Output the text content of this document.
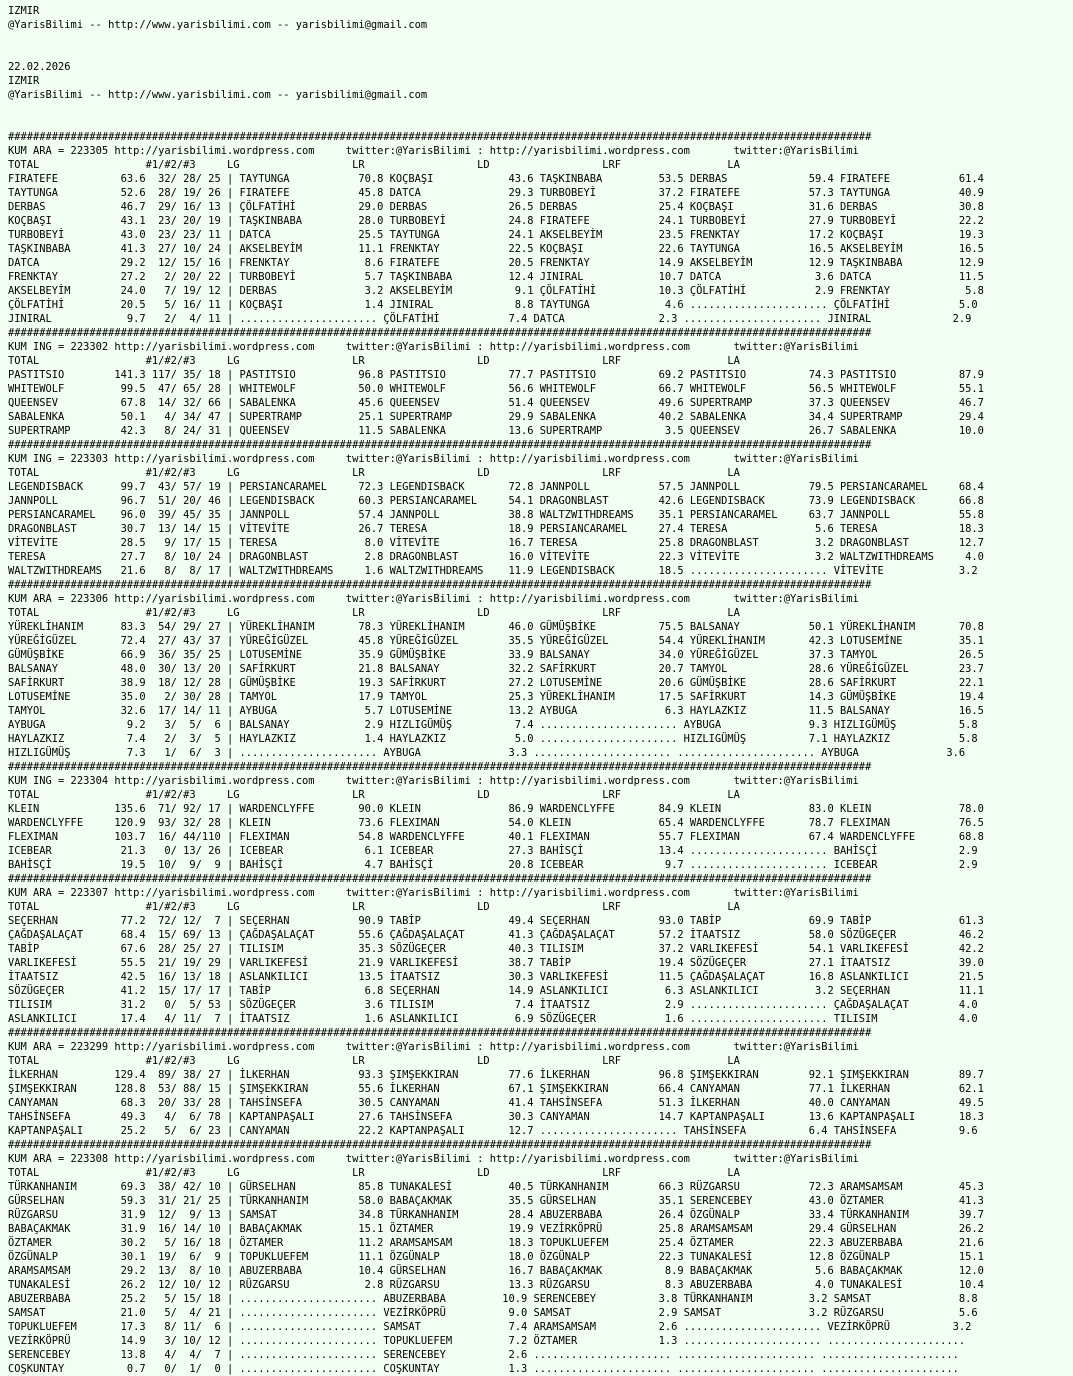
IZMIR
@YarisBilimi -- http://www.yarisbilimi.com -- yarisbilimi@gmail.com

22.02.2026
IZMIR
@YarisBilimi -- http://www.yarisbilimi.com -- yarisbilimi@gmail.com

##########################################################################################################################################
KUM ARA = 223305 http://yarisbilimi.wordpress.com     twitter:@YarisBilimi : http://yarisbilimi.wordpress.com       twitter:@YarisBilimi
TOTAL                 #1/#2/#3     LG                  LR                  LD                  LRF                 LA
FIRATEFE          63.6  32/ 28/ 25 | TAYTUNGA           70.8 KOÇBAŞI            43.6 TAŞKINBABA         53.5 DERBAS             59.4 FIRATEFE           61.4
TAYTUNGA          52.6  28/ 19/ 26 | FIRATEFE           45.8 DATCA              29.3 TURBOBEYİ          37.2 FIRATEFE           57.3 TAYTUNGA           40.9
DERBAS            46.7  29/ 16/ 13 | ÇÖLFATİHİ          29.0 DERBAS             26.5 DERBAS             25.4 KOÇBAŞI            31.6 DERBAS             30.8
KOÇBAŞI           43.1  23/ 20/ 19 | TAŞKINBABA         28.0 TURBOBEYİ          24.8 FIRATEFE           24.1 TURBOBEYİ          27.9 TURBOBEYİ          22.2
TURBOBEYİ         43.0  23/ 23/ 11 | DATCA              25.5 TAYTUNGA           24.1 AKSELBEYİM         23.5 FRENKTAY           17.2 KOÇBAŞI            19.3
TAŞKINBABA        41.3  27/ 10/ 24 | AKSELBEYİM         11.1 FRENKTAY           22.5 KOÇBAŞI            22.6 TAYTUNGA           16.5 AKSELBEYİM         16.5
DATCA             29.2  12/ 15/ 16 | FRENKTAY            8.6 FIRATEFE           20.5 FRENKTAY           14.9 AKSELBEYİM         12.9 TAŞKINBABA         12.9
FRENKTAY          27.2   2/ 20/ 22 | TURBOBEYİ           5.7 TAŞKINBABA         12.4 JINIRAL            10.7 DATCA               3.6 DATCA              11.5
AKSELBEYİM        24.0   7/ 19/ 12 | DERBAS              3.2 AKSELBEYİM          9.1 ÇÖLFATİHİ          10.3 ÇÖLFATİHİ           2.9 FRENKTAY            5.8
ÇÖLFATİHİ         20.5   5/ 16/ 11 | KOÇBAŞI             1.4 JINIRAL             8.8 TAYTUNGA            4.6 ...................... ÇÖLFATİHİ           5.0
JINIRAL            9.7   2/  4/ 11 | ...................... ÇÖLFATİHİ           7.4 DATCA               2.3 ...................... JINIRAL             2.9
##########################################################################################################################################
KUM ING = 223302 http://yarisbilimi.wordpress.com     twitter:@YarisBilimi : http://yarisbilimi.wordpress.com       twitter:@YarisBilimi
TOTAL                 #1/#2/#3     LG                  LR                  LD                  LRF                 LA
PASTITSIO        141.3 117/ 35/ 18 | PASTITSIO          96.8 PASTITSIO          77.7 PASTITSIO          69.2 PASTITSIO          74.3 PASTITSIO          87.9
WHITEWOLF         99.5  47/ 65/ 28 | WHITEWOLF          50.0 WHITEWOLF          56.6 WHITEWOLF          66.7 WHITEWOLF          56.5 WHITEWOLF          55.1
QUEENSEV          67.8  14/ 32/ 66 | SABALENKA          45.6 QUEENSEV           51.4 QUEENSEV           49.6 SUPERTRAMP         37.3 QUEENSEV           46.7
SABALENKA         50.1   4/ 34/ 47 | SUPERTRAMP         25.1 SUPERTRAMP         29.9 SABALENKA          40.2 SABALENKA          34.4 SUPERTRAMP         29.4
SUPERTRAMP        42.3   8/ 24/ 31 | QUEENSEV           11.5 SABALENKA          13.6 SUPERTRAMP          3.5 QUEENSEV           26.7 SABALENKA          10.0
##########################################################################################################################################
KUM ING = 223303 http://yarisbilimi.wordpress.com     twitter:@YarisBilimi : http://yarisbilimi.wordpress.com       twitter:@YarisBilimi
TOTAL                 #1/#2/#3     LG                  LR                  LD                  LRF                 LA
LEGENDISBACK      99.7  43/ 57/ 19 | PERSIANCARAMEL     72.3 LEGENDISBACK       72.8 JANNPOLL           57.5 JANNPOLL           79.5 PERSIANCARAMEL     68.4
JANNPOLL          96.7  51/ 20/ 46 | LEGENDISBACK       60.3 PERSIANCARAMEL     54.1 DRAGONBLAST        42.6 LEGENDISBACK       73.9 LEGENDISBACK       66.8
PERSIANCARAMEL    96.0  39/ 45/ 35 | JANNPOLL           57.4 JANNPOLL           38.8 WALTZWITHDREAMS    35.1 PERSIANCARAMEL     63.7 JANNPOLL           55.8
DRAGONBLAST       30.7  13/ 14/ 15 | VİTEVİTE           26.7 TERESA             18.9 PERSIANCARAMEL     27.4 TERESA              5.6 TERESA             18.3
VİTEVİTE          28.5   9/ 17/ 15 | TERESA              8.0 VİTEVİTE           16.7 TERESA             25.8 DRAGONBLAST         3.2 DRAGONBLAST        12.7
TERESA            27.7   8/ 10/ 24 | DRAGONBLAST         2.8 DRAGONBLAST        16.0 VİTEVİTE           22.3 VİTEVİTE            3.2 WALTZWITHDREAMS     4.0
WALTZWITHDREAMS   21.6   8/  8/ 17 | WALTZWITHDREAMS     1.6 WALTZWITHDREAMS    11.9 LEGENDISBACK       18.5 ...................... VİTEVİTE            3.2
##########################################################################################################################################
KUM ARA = 223306 http://yarisbilimi.wordpress.com     twitter:@YarisBilimi : http://yarisbilimi.wordpress.com       twitter:@YarisBilimi
TOTAL                 #1/#2/#3     LG                  LR                  LD                  LRF                 LA
YÜREKLİHANIM      83.3  54/ 29/ 27 | YÜREKLİHANIM       78.3 YÜREKLİHANIM       46.0 GÜMÜŞBİKE          75.5 BALSANAY           50.1 YÜREKLİHANIM       70.8
YÜREĞİGÜZEL       72.4  27/ 43/ 37 | YÜREĞİGÜZEL        45.8 YÜREĞİGÜZEL        35.5 YÜREĞİGÜZEL        54.4 YÜREKLİHANIM       42.3 LOTUSEMİNE         35.1
GÜMÜŞBİKE         66.9  36/ 35/ 25 | LOTUSEMİNE         35.9 GÜMÜŞBİKE          33.9 BALSANAY           34.0 YÜREĞİGÜZEL        37.3 TAMYOL             26.5
BALSANAY          48.0  30/ 13/ 20 | SAFİRKURT          21.8 BALSANAY           32.2 SAFİRKURT          20.7 TAMYOL             28.6 YÜREĞİGÜZEL        23.7
SAFİRKURT         38.9  18/ 12/ 28 | GÜMÜŞBİKE          19.3 SAFİRKURT          27.2 LOTUSEMİNE         20.6 GÜMÜŞBİKE          28.6 SAFİRKURT          22.1
LOTUSEMİNE        35.0   2/ 30/ 28 | TAMYOL             17.9 TAMYOL             25.3 YÜREKLİHANIM       17.5 SAFİRKURT          14.3 GÜMÜŞBİKE          19.4
TAMYOL            32.6  17/ 14/ 11 | AYBUGA              5.7 LOTUSEMİNE         13.2 AYBUGA              6.3 HAYLAZKIZ          11.5 BALSANAY           16.5
AYBUGA             9.2   3/  5/  6 | BALSANAY            2.9 HIZLIGÜMÜŞ          7.4 ...................... AYBUGA              9.3 HIZLIGÜMÜŞ          5.8
HAYLAZKIZ          7.4   2/  3/  5 | HAYLAZKIZ           1.4 HAYLAZKIZ           5.0 ...................... HIZLIGÜMÜŞ          7.1 HAYLAZKIZ           5.8
HIZLIGÜMÜŞ         7.3   1/  6/  3 | ...................... AYBUGA              3.3 ...................... ...................... AYBUGA              3.6
##########################################################################################################################################
KUM ING = 223304 http://yarisbilimi.wordpress.com     twitter:@YarisBilimi : http://yarisbilimi.wordpress.com       twitter:@YarisBilimi
TOTAL                 #1/#2/#3     LG                  LR                  LD                  LRF                 LA
KLEIN            135.6  71/ 92/ 17 | WARDENCLYFFE       90.0 KLEIN              86.9 WARDENCLYFFE       84.9 KLEIN              83.0 KLEIN              78.0
WARDENCLYFFE     120.9  93/ 32/ 28 | KLEIN              73.6 FLEXIMAN           54.0 KLEIN              65.4 WARDENCLYFFE       78.7 FLEXIMAN           76.5
FLEXIMAN         103.7  16/ 44/110 | FLEXIMAN           54.8 WARDENCLYFFE       40.1 FLEXIMAN           55.7 FLEXIMAN           67.4 WARDENCLYFFE       68.8
ICEBEAR           21.3   0/ 13/ 26 | ICEBEAR             6.1 ICEBEAR            27.3 BAHİSÇİ            13.4 ...................... BAHİSÇİ             2.9
BAHİSÇİ           19.5  10/  9/  9 | BAHİSÇİ             4.7 BAHİSÇİ            20.8 ICEBEAR             9.7 ...................... ICEBEAR             2.9
##########################################################################################################################################
KUM ARA = 223307 http://yarisbilimi.wordpress.com     twitter:@YarisBilimi : http://yarisbilimi.wordpress.com       twitter:@YarisBilimi
TOTAL                 #1/#2/#3     LG                  LR                  LD                  LRF                 LA
SEÇERHAN          77.2  72/ 12/  7 | SEÇERHAN           90.9 TABİP              49.4 SEÇERHAN           93.0 TABİP              69.9 TABİP              61.3
ÇAĞDAŞALAÇAT      68.4  15/ 69/ 13 | ÇAĞDAŞALAÇAT       55.6 ÇAĞDAŞALAÇAT       41.3 ÇAĞDAŞALAÇAT       57.2 İTAATSIZ           58.0 SÖZÜGEÇER          46.2
TABİP             67.6  28/ 25/ 27 | TILISIM            35.3 SÖZÜGEÇER          40.3 TILISIM            37.2 VARLIKEFESİ        54.1 VARLIKEFESİ        42.2
VARLIKEFESİ       55.5  21/ 19/ 29 | VARLIKEFESİ        21.9 VARLIKEFESİ        38.7 TABİP              19.4 SÖZÜGEÇER          27.1 İTAATSIZ           39.0
İTAATSIZ          42.5  16/ 13/ 18 | ASLANKILICI        13.5 İTAATSIZ           30.3 VARLIKEFESİ        11.5 ÇAĞDAŞALAÇAT       16.8 ASLANKILICI        21.5
SÖZÜGEÇER         41.2  15/ 17/ 17 | TABİP               6.8 SEÇERHAN           14.9 ASLANKILICI         6.3 ASLANKILICI         3.2 SEÇERHAN           11.1
TILISIM           31.2   0/  5/ 53 | SÖZÜGEÇER           3.6 TILISIM             7.4 İTAATSIZ            2.9 ...................... ÇAĞDAŞALAÇAT        4.0
ASLANKILICI       17.4   4/ 11/  7 | İTAATSIZ            1.6 ASLANKILICI         6.9 SÖZÜGEÇER           1.6 ...................... TILISIM             4.0
##########################################################################################################################################
KUM ARA = 223299 http://yarisbilimi.wordpress.com     twitter:@YarisBilimi : http://yarisbilimi.wordpress.com       twitter:@YarisBilimi
TOTAL                 #1/#2/#3     LG                  LR                  LD                  LRF                 LA
İLKERHAN         129.4  89/ 38/ 27 | İLKERHAN           93.3 ŞIMŞEKKIRAN        77.6 İLKERHAN           96.8 ŞIMŞEKKIRAN        92.1 ŞIMŞEKKIRAN        89.7
ŞIMŞEKKIRAN      128.8  53/ 88/ 15 | ŞIMŞEKKIRAN        55.6 İLKERHAN           67.1 ŞIMŞEKKIRAN        66.4 CANYAMAN           77.1 İLKERHAN           62.1
CANYAMAN          68.3  20/ 33/ 28 | TAHSİNSEFA         30.5 CANYAMAN           41.4 TAHSİNSEFA         51.3 İLKERHAN           40.0 CANYAMAN           49.5
TAHSİNSEFA        49.3   4/  6/ 78 | KAPTANPAŞALI       27.6 TAHSİNSEFA         30.3 CANYAMAN           14.7 KAPTANPAŞALI       13.6 KAPTANPAŞALI       18.3
KAPTANPAŞALI      25.2   5/  6/ 23 | CANYAMAN           22.2 KAPTANPAŞALI       12.7 ...................... TAHSİNSEFA          6.4 TAHSİNSEFA          9.6
##########################################################################################################################################
KUM ARA = 223308 http://yarisbilimi.wordpress.com     twitter:@YarisBilimi : http://yarisbilimi.wordpress.com       twitter:@YarisBilimi
TOTAL                 #1/#2/#3     LG                  LR                  LD                  LRF                 LA
TÜRKANHANIM       69.3  38/ 42/ 10 | GÜRSELHAN          85.8 TUNAKALESİ         40.5 TÜRKANHANIM        66.3 RÜZGARSU           72.3 ARAMSAMSAM         45.3
GÜRSELHAN         59.3  31/ 21/ 25 | TÜRKANHANIM        58.0 BABAÇAKMAK         35.5 GÜRSELHAN          35.1 SERENCEBEY         43.0 ÖZTAMER            41.3
RÜZGARSU          31.9  12/  9/ 13 | SAMSAT             34.8 TÜRKANHANIM        28.4 ABUZERBABA         26.4 ÖZGÜNALP           33.4 TÜRKANHANIM        39.7
BABAÇAKMAK        31.9  16/ 14/ 10 | BABAÇAKMAK         15.1 ÖZTAMER            19.9 VEZİRKÖPRÜ         25.8 ARAMSAMSAM         29.4 GÜRSELHAN          26.2
ÖZTAMER           30.2   5/ 16/ 18 | ÖZTAMER            11.2 ARAMSAMSAM         18.3 TOPUKLUEFEM        25.4 ÖZTAMER            22.3 ABUZERBABA         21.6
ÖZGÜNALP          30.1  19/  6/  9 | TOPUKLUEFEM        11.1 ÖZGÜNALP           18.0 ÖZGÜNALP           22.3 TUNAKALESİ         12.8 ÖZGÜNALP           15.1
ARAMSAMSAM        29.2  13/  8/ 10 | ABUZERBABA         10.4 GÜRSELHAN          16.7 BABAÇAKMAK          8.9 BABAÇAKMAK          5.6 BABAÇAKMAK         12.0
TUNAKALESİ        26.2  12/ 10/ 12 | RÜZGARSU            2.8 RÜZGARSU           13.3 RÜZGARSU            8.3 ABUZERBABA          4.0 TUNAKALESİ         10.4
ABUZERBABA        25.2   5/ 15/ 18 | ...................... ABUZERBABA         10.9 SERENCEBEY          3.8 TÜRKANHANIM         3.2 SAMSAT              8.8
SAMSAT            21.0   5/  4/ 21 | ...................... VEZİRKÖPRÜ          9.0 SAMSAT              2.9 SAMSAT              3.2 RÜZGARSU            5.6
TOPUKLUEFEM       17.3   8/ 11/  6 | ...................... SAMSAT              7.4 ARAMSAMSAM          2.6 ...................... VEZİRKÖPRÜ          3.2
VEZİRKÖPRÜ        14.9   3/ 10/ 12 | ...................... TOPUKLUEFEM         7.2 ÖZTAMER             1.3 ...................... ......................
SERENCEBEY        13.8   4/  4/  7 | ...................... SERENCEBEY          2.6 ...................... ...................... ......................
COŞKUNTAY          0.7   0/  1/  0 | ...................... COŞKUNTAY           1.3 ...................... ...................... ......................
